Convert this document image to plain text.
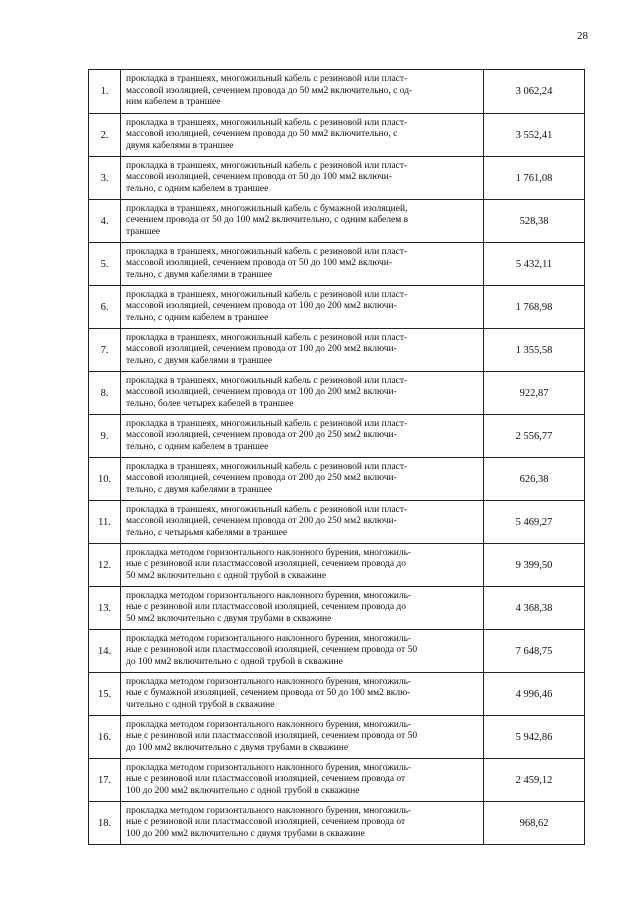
28
1.	прокладка в траншеях, многожильный кабель с резиновой или пласт-
массовой изоляцией, сечением провода до 50 мм2 включительно, с од-
ним кабелем в траншее	3 062,24
2.	прокладка в траншеях, многожильный кабель с резиновой или пласт-
массовой изоляцией, сечением провода до 50 мм2 включительно, с
двумя кабелями в траншее	3 552,41
3.	прокладка в траншеях, многожильный кабель с резиновой или пласт-
массовой изоляцией, сечением провода от 50 до 100 мм2 включи-
тельно, с одним кабелем в траншее	1 761,08
4.	прокладка в траншеях, многожильный кабель с бумажной изоляцией,
сечением провода от 50 до 100 мм2 включительно, с одним кабелем в
траншее	528,38
5.	прокладка в траншеях, многожильный кабель с резиновой или пласт-
массовой изоляцией, сечением провода от 50 до 100 мм2 включи-
тельно, с двумя кабелями в траншее	5 432,11
6.	прокладка в траншеях, многожильный кабель с резиновой или пласт-
массовой изоляцией, сечением провода от 100 до 200 мм2 включи-
тельно, с одним кабелем в траншее	1 768,98
7.	прокладка в траншеях, многожильный кабель с резиновой или пласт-
массовой изоляцией, сечением провода от 100 до 200 мм2 включи-
тельно, с двумя кабелями в траншее	1 355,58
8.	прокладка в траншеях, многожильный кабель с резиновой или пласт-
массовой изоляцией, сечением провода от 100 до 200 мм2 включи-
тельно, более четырех кабелей в траншее	922,87
9.	прокладка в траншеях, многожильный кабель с резиновой или пласт-
массовой изоляцией, сечением провода от 200 до 250 мм2 включи-
тельно, с одним кабелем в траншее	2 556,77
10.	прокладка в траншеях, многожильный кабель с резиновой или пласт-
массовой изоляцией, сечением провода от 200 до 250 мм2 включи-
тельно, с двумя кабелями в траншее	626,38
11.	прокладка в траншеях, многожильный кабель с резиновой или пласт-
массовой изоляцией, сечением провода от 200 до 250 мм2 включи-
тельно, с четырьмя кабелями в траншее	5 469,27
12.	прокладка методом горизонтального наклонного бурения, многожиль-
ные с резиновой или пластмассовой изоляцией, сечением провода до
50 мм2 включительно с одной трубой в скважине	9 399,50
13.	прокладка методом горизонтального наклонного бурения, многожиль-
ные с резиновой или пластмассовой изоляцией, сечением провода до
50 мм2 включительно с двумя трубами в скважине	4 368,38
14.	прокладка методом горизонтального наклонного бурения, многожиль-
ные с резиновой или пластмассовой изоляцией, сечением провода от 50
до 100 мм2 включительно с одной трубой в скважине	7 648,75
15.	прокладка методом горизонтального наклонного бурения, многожиль-
ные с бумажной изоляцией, сечением провода от 50 до 100 мм2 вклю-
чительно с одной трубой в скважине	4 996,46
16.	прокладка методом горизонтального наклонного бурения, многожиль-
ные с резиновой или пластмассовой изоляцией, сечением провода от 50
до 100 мм2 включительно с двумя трубами в скважине	5 942,86
17.	прокладка методом горизонтального наклонного бурения, многожиль-
ные с резиновой или пластмассовой изоляцией, сечением провода от
100 до 200 мм2 включительно с одной трубой в скважине	2 459,12
18.	прокладка методом горизонтального наклонного бурения, многожиль-
ные с резиновой или пластмассовой изоляцией, сечением провода от
100 до 200 мм2 включительно с двумя трубами в скважине	968,62
